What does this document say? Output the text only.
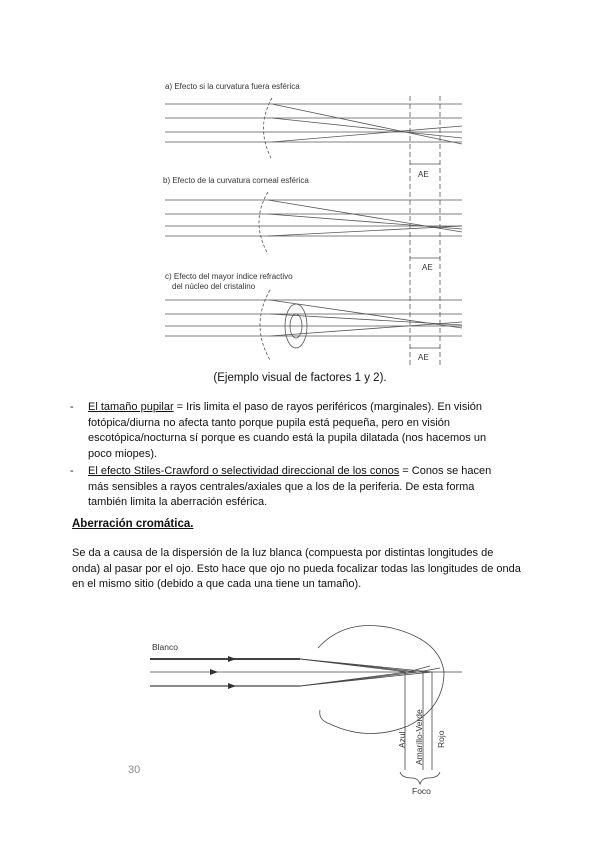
a) Efecto si la curvatura fuera esférica
b) Efecto de la curvatura corneal esférica
c) Efecto del mayor índice refractivo
del núcleo del cristalino
AE
AE
AE
(Ejemplo visual de factores 1 y 2).
- El tamaño pupilar = Iris limita el paso de rayos periféricos (marginales). En visión fotópica/diurna no afecta tanto porque pupila está pequeña, pero en visión escotópica/nocturna sí porque es cuando está la pupila dilatada (nos hacemos un poco miopes).
- El efecto Stiles-Crawford o selectividad direccional de los conos = Conos se hacen más sensibles a rayos centrales/axiales que a los de la periferia. De esta forma también limita la aberración esférica.
Aberración cromática.
Se da a causa de la dispersión de la luz blanca (compuesta por distintas longitudes de onda) al pasar por el ojo. Esto hace que ojo no pueda focalizar todas las longitudes de onda en el mismo sitio (debido a que cada una tiene un tamaño).
Blanco
Azul Amarillo-Verde Rojo
Foco
30
